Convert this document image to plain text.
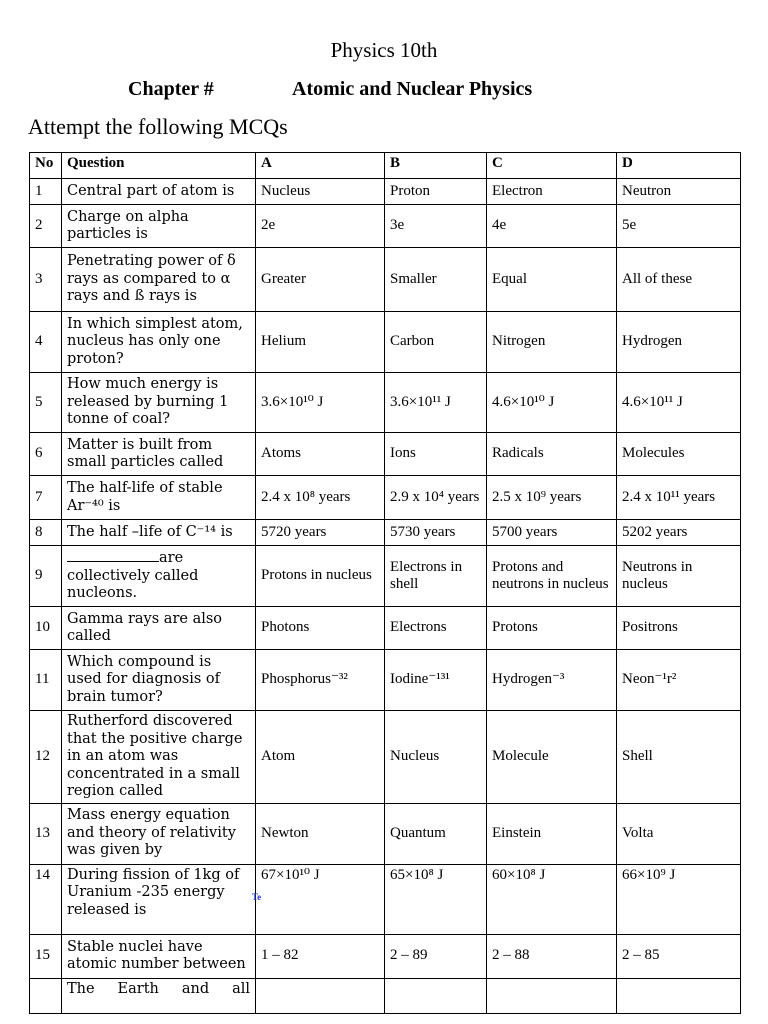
Physics 10th
Chapter #	Atomic and Nuclear Physics
Attempt the following MCQs
No	Question	A	B	C	D
1	Central part of atom is	Nucleus	Proton	Electron	Neutron
2	Charge on alpha particles is	2e	3e	4e	5e
3	Penetrating power of δ rays as compared to α rays and ß rays is	Greater	Smaller	Equal	All of these
4	In which simplest atom, nucleus has only one proton?	Helium	Carbon	Nitrogen	Hydrogen
5	How much energy is released by burning 1 tonne of coal?	3.6×10¹⁰ J	3.6×10¹¹ J	4.6×10¹⁰ J	4.6×10¹¹ J
6	Matter is built from small particles called	Atoms	Ions	Radicals	Molecules
7	The half-life of stable Ar⁻⁴⁰ is	2.4 x 10⁸ years	2.9 x 10⁴ years	2.5 x 10⁹ years	2.4 x 10¹¹ years
8	The half –life of C⁻¹⁴ is	5720 years	5730 years	5700 years	5202 years
9	are collectively called nucleons.	Protons in nucleus	Electrons in shell	Protons and neutrons in nucleus	Neutrons in nucleus
10	Gamma rays are also called	Photons	Electrons	Protons	Positrons
11	Which compound is used for diagnosis of brain tumor?	Phosphorus⁻³²	Iodine⁻¹³¹	Hydrogen⁻³	Neon⁻¹r²
12	Rutherford discovered that the positive charge in an atom was concentrated in a small region called	Atom	Nucleus	Molecule	Shell
13	Mass energy equation and theory of relativity was given by	Newton	Quantum	Einstein	Volta
14	During fission of 1kg of Uranium -235 energy released is	67×10¹⁰ J	65×10⁸ J	60×10⁸ J	66×10⁹ J
15	Stable nuclei have atomic number between	1 – 82	2 – 89	2 – 88	2 – 85

	The Earth and all				

Te
